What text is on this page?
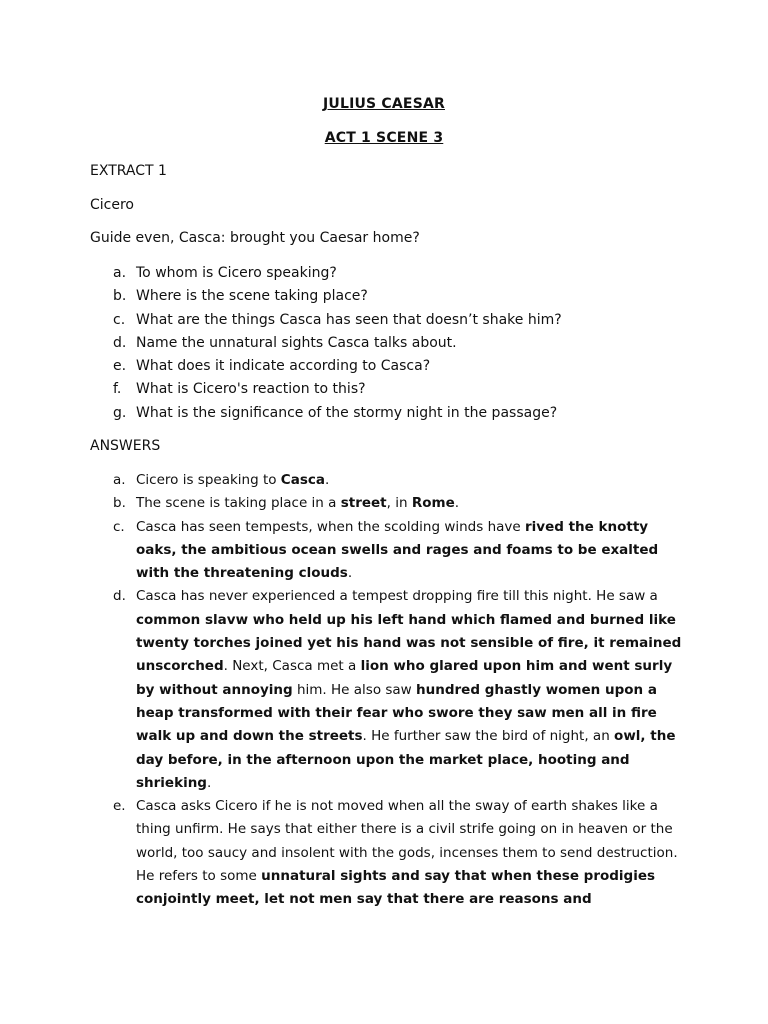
JULIUS CAESAR
ACT 1 SCENE 3
EXTRACT 1
Cicero
Guide even, Casca: brought you Caesar home?
a. To whom is Cicero speaking?
b. Where is the scene taking place?
c. What are the things Casca has seen that doesn’t shake him?
d. Name the unnatural sights Casca talks about.
e. What does it indicate according to Casca?
f.	What is Cicero's reaction to this?
g. What is the significance of the stormy night in the passage?
ANSWERS
a. Cicero is speaking to Casca.
b. The scene is taking place in a street, in Rome.
c. Casca has seen tempests, when the scolding winds have rived the knotty oaks, the ambitious ocean swells and rages and foams to be exalted with the threatening clouds.
d. Casca has never experienced a tempest dropping fire till this night. He saw a common slavw who held up his left hand which flamed and burned like twenty torches joined yet his hand was not sensible of fire, it remained unscorched. Next, Casca met a lion who glared upon him and went surly by without annoying him. He also saw hundred ghastly women upon a heap transformed with their fear who swore they saw men all in fire walk up and down the streets. He further saw the bird of night, an owl, the day before, in the afternoon upon the market place, hooting and shrieking.
e. Casca asks Cicero if he is not moved when all the sway of earth shakes like a thing unfirm. He says that either there is a civil strife going on in heaven or the world, too saucy and insolent with the gods, incenses them to send destruction. He refers to some unnatural sights and say that when these prodigies conjointly meet, let not men say that there are reasons and
